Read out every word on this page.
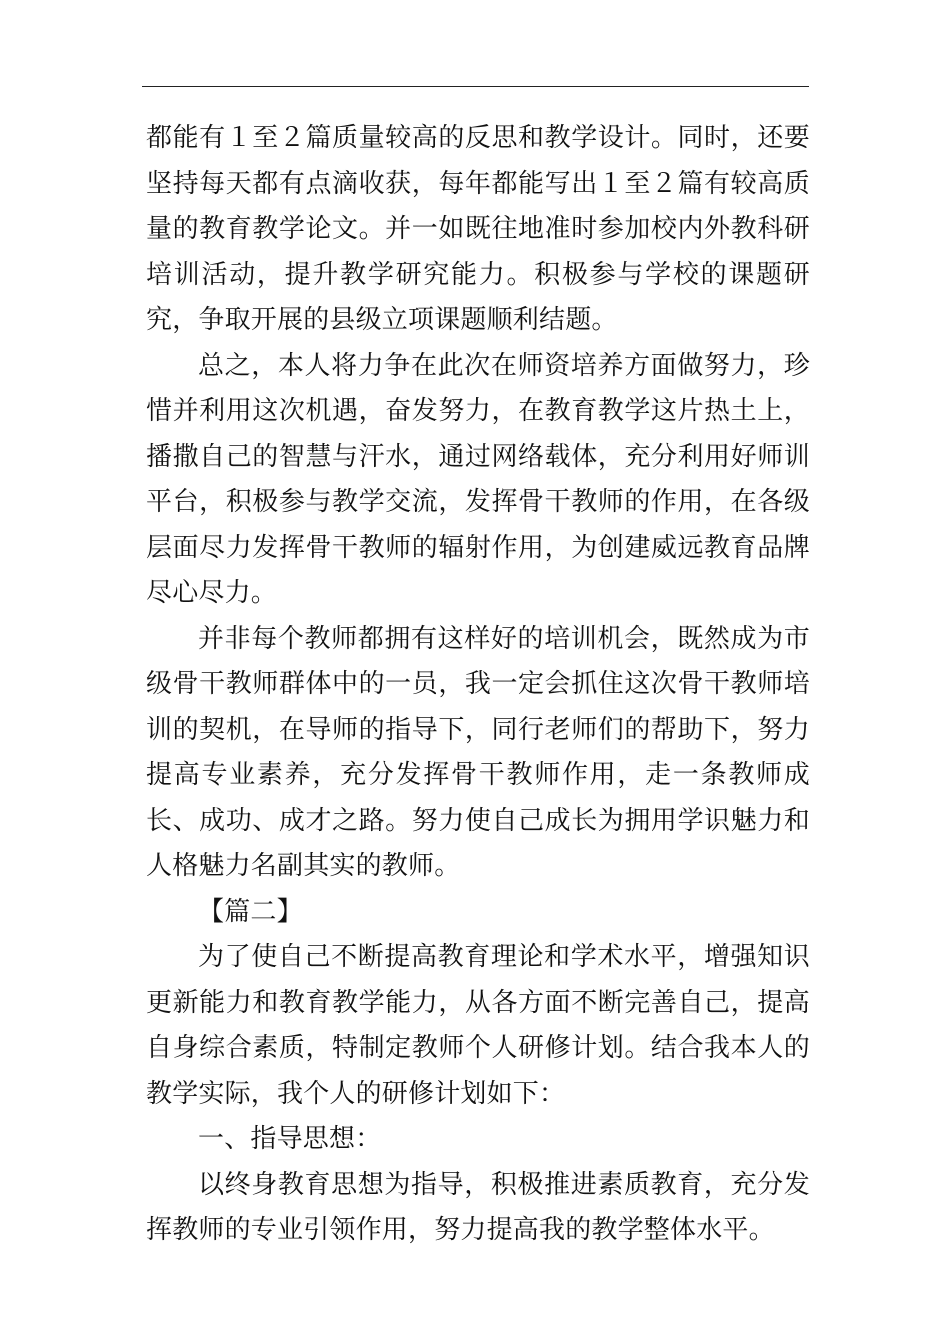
都能有１至２篇质量较高的反思和教学设计。同时，还要坚持每天都有点滴收获，每年都能写出１至２篇有较高质量的教育教学论文。并一如既往地准时参加校内外教科研培训活动，提升教学研究能力。积极参与学校的课题研究，争取开展的县级立项课题顺利结题。

总之，本人将力争在此次在师资培养方面做努力，珍惜并利用这次机遇，奋发努力，在教育教学这片热土上，播撒自己的智慧与汗水，通过网络载体，充分利用好师训平台，积极参与教学交流，发挥骨干教师的作用，在各级层面尽力发挥骨干教师的辐射作用，为创建威远教育品牌尽心尽力。

并非每个教师都拥有这样好的培训机会，既然成为市级骨干教师群体中的一员，我一定会抓住这次骨干教师培训的契机，在导师的指导下，同行老师们的帮助下，努力提高专业素养，充分发挥骨干教师作用，走一条教师成长、成功、成才之路。努力使自己成长为拥用学识魅力和人格魅力名副其实的教师。

【篇二】

为了使自己不断提高教育理论和学术水平，增强知识更新能力和教育教学能力，从各方面不断完善自己，提高自身综合素质，特制定教师个人研修计划。结合我本人的教学实际，我个人的研修计划如下：

一、指导思想：

以终身教育思想为指导，积极推进素质教育，充分发挥教师的专业引领作用，努力提高我的教学整体水平。
